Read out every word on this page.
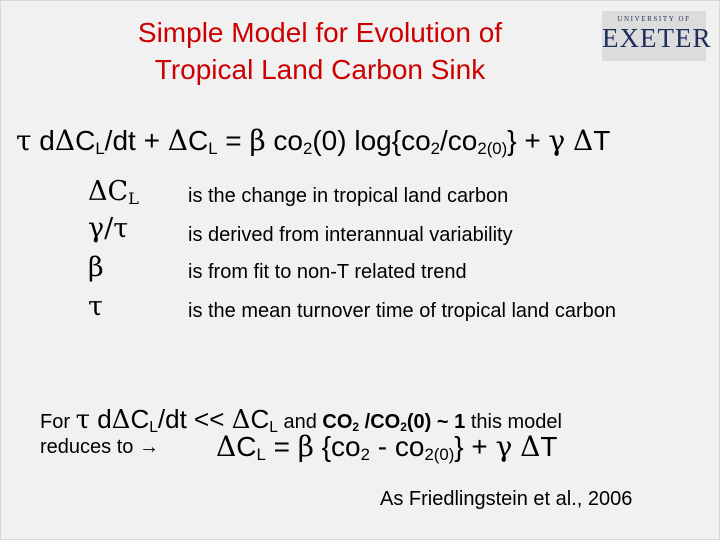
Simple Model for Evolution of
Tropical Land Carbon Sink
UNIVERSITY OF
EXETER
τ $d\Delta C_L/dt + \Delta C_L = \beta$ $co_2(0) \log\{co_2/co_{2(0)}\} + \gamma$ ΔT
$\Delta C_L$ is the change in tropical land carbon
γ/τ	is derived from interannual variability
β	is from fit to non-T related trend
τ	is the mean turnover time of tropical land carbon
For τ $d\Delta C_L/dt << \Delta C_L$ and $CO_2$ $/CO_2(0)$ ~ 1 this model
reduces to → $\Delta C_L = \beta$ $\{co_2 - co_{2(0)}\} + \gamma$ ΔT
As Friedlingstein et al., 2006
